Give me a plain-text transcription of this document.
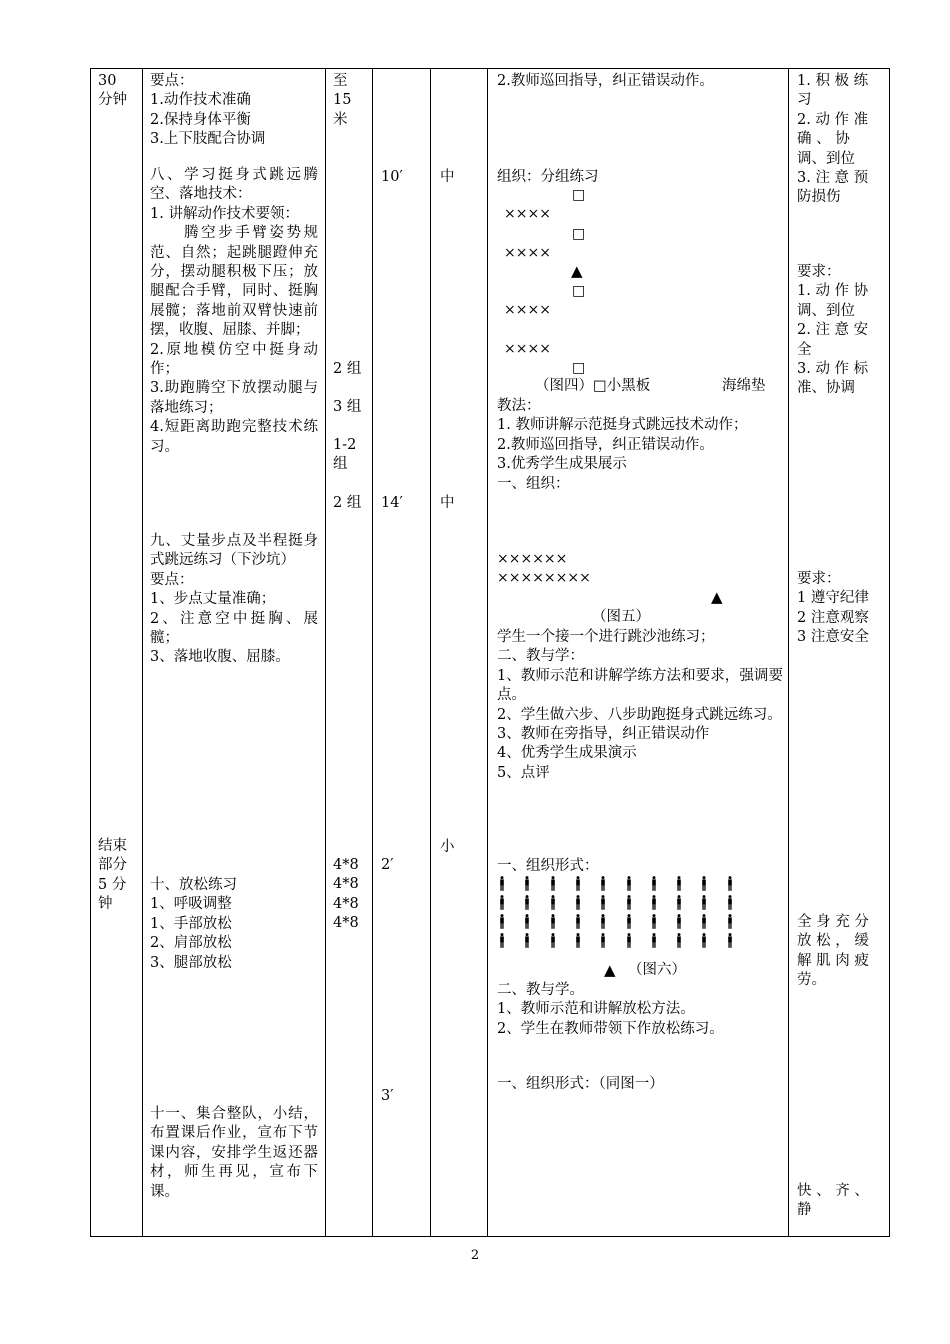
30
分钟
结束
部分
5 分
钟
要点：
1.动作技术准确
2.保持身体平衡
3.上下肢配合协调
八、学习挺身式跳远腾空、落地技术：
1. 讲解动作技术要领：
　　腾空步手臂姿势规范、自然；起跳腿蹬伸充分，摆动腿积极下压；放腿配合手臂，同时、挺胸展髋；落地前双臂快速前摆，收腹、屈膝、并脚；
2.原地模仿空中挺身动作；
3.助跑腾空下放摆动腿与落地练习；
4.短距离助跑完整技术练习。
九、丈量步点及半程挺身式跳远练习（下沙坑）
要点：
1、步点丈量准确；
2、注意空中挺胸、展髋；
3、落地收腹、屈膝。
十、放松练习
1、呼吸调整
1、手部放松
2、肩部放松
3、腿部放松
十一、集合整队，小结，布置课后作业，宣布下节课内容，安排学生返还器材，师生再见，宣布下课。
至
15
米
2 组
3 组
1-2
组
2 组
4*8
4*8
4*8
4*8
10′
14′
2′
3′
中
中
小
2.教师巡回指导，纠正错误动作。
组织：分组练习
□
××××
□
××××
▲
□
××××
××××
□
（图四）□小黑板	海绵垫
教法：
1. 教师讲解示范挺身式跳远技术动作；
2.教师巡回指导，纠正错误动作。
3.优秀学生成果展示
一、组织：
××××××
××××××××
▲
（图五）
学生一个接一个进行跳沙池练习；
二、教与学：
1、教师示范和讲解学练方法和要求，强调要点。
2、学生做六步、八步助跑挺身式跳远练习。
3、教师在旁指导，纠正错误动作
4、优秀学生成果演示
5、点评
一、组织形式：
▲ （图六）
二、教与学。
1、教师示范和讲解放松方法。
2、学生在教师带领下作放松练习。
一、组织形式：（同图一）
1. 积 极 练
习
2. 动 作 准
确 、 协
调、到位
3. 注 意 预
防损伤
要求：
1. 动 作 协
调、到位
2. 注 意 安
全
3. 动 作 标
准、协调
要求：
1 遵守纪律
2 注意观察
3 注意安全
全 身 充 分
放 松 ， 缓
解 肌 肉 疲
劳。
快 、 齐 、
静
2
